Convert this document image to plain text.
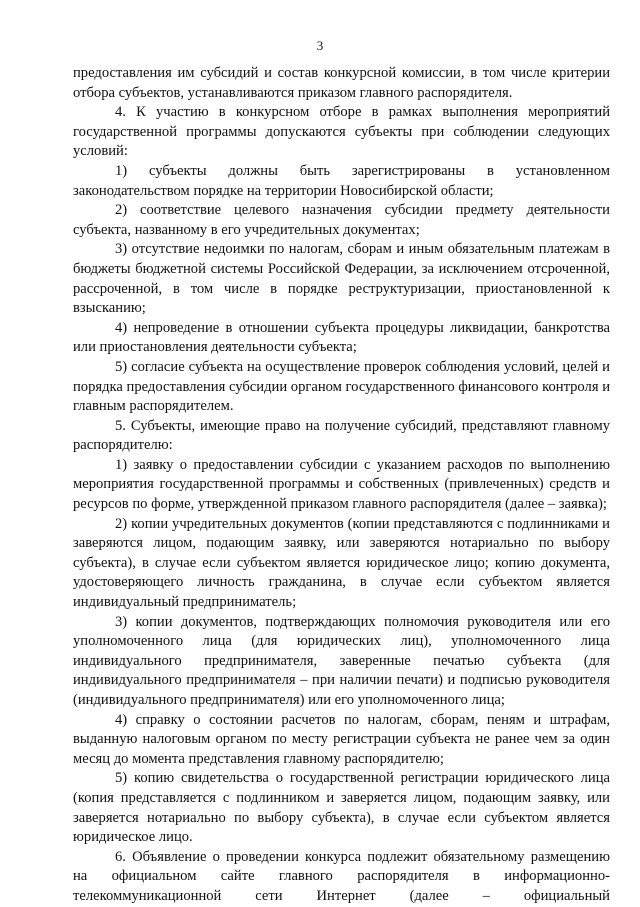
3

предоставления им субсидий и состав конкурсной комиссии, в том числе критерии отбора субъектов, устанавливаются приказом главного распорядителя.

4. К участию в конкурсном отборе в рамках выполнения мероприятий государственной программы допускаются субъекты при соблюдении следующих условий:

1) субъекты должны быть зарегистрированы в установленном законодательством порядке на территории Новосибирской области;

2) соответствие целевого назначения субсидии предмету деятельности субъекта, названному в его учредительных документах;

3) отсутствие недоимки по налогам, сборам и иным обязательным платежам в бюджеты бюджетной системы Российской Федерации, за исключением отсроченной, рассроченной, в том числе в порядке реструктуризации, приостановленной к взысканию;

4) непроведение в отношении субъекта процедуры ликвидации, банкротства или приостановления деятельности субъекта;

5) согласие субъекта на осуществление проверок соблюдения условий, целей и порядка предоставления субсидии органом государственного финансового контроля и главным распорядителем.

5. Субъекты, имеющие право на получение субсидий, представляют главному распорядителю:

1) заявку о предоставлении субсидии с указанием расходов по выполнению мероприятия государственной программы и собственных (привлеченных) средств и ресурсов по форме, утвержденной приказом главного распорядителя (далее – заявка);

2) копии учредительных документов (копии представляются с подлинниками и заверяются лицом, подающим заявку, или заверяются нотариально по выбору субъекта), в случае если субъектом является юридическое лицо; копию документа, удостоверяющего личность гражданина, в случае если субъектом является индивидуальный предприниматель;

3) копии документов, подтверждающих полномочия руководителя или его уполномоченного лица (для юридических лиц), уполномоченного лица индивидуального предпринимателя, заверенные печатью субъекта (для индивидуального предпринимателя – при наличии печати) и подписью руководителя (индивидуального предпринимателя) или его уполномоченного лица;

4) справку о состоянии расчетов по налогам, сборам, пеням и штрафам, выданную налоговым органом по месту регистрации субъекта не ранее чем за один месяц до момента представления главному распорядителю;

5) копию свидетельства о государственной регистрации юридического лица (копия представляется с подлинником и заверяется лицом, подающим заявку, или заверяется нотариально по выбору субъекта), в случае если субъектом является юридическое лицо.

6. Объявление о проведении конкурса подлежит обязательному размещению на официальном сайте главного распорядителя в информационно-телекоммуникационной сети Интернет (далее – официальный
